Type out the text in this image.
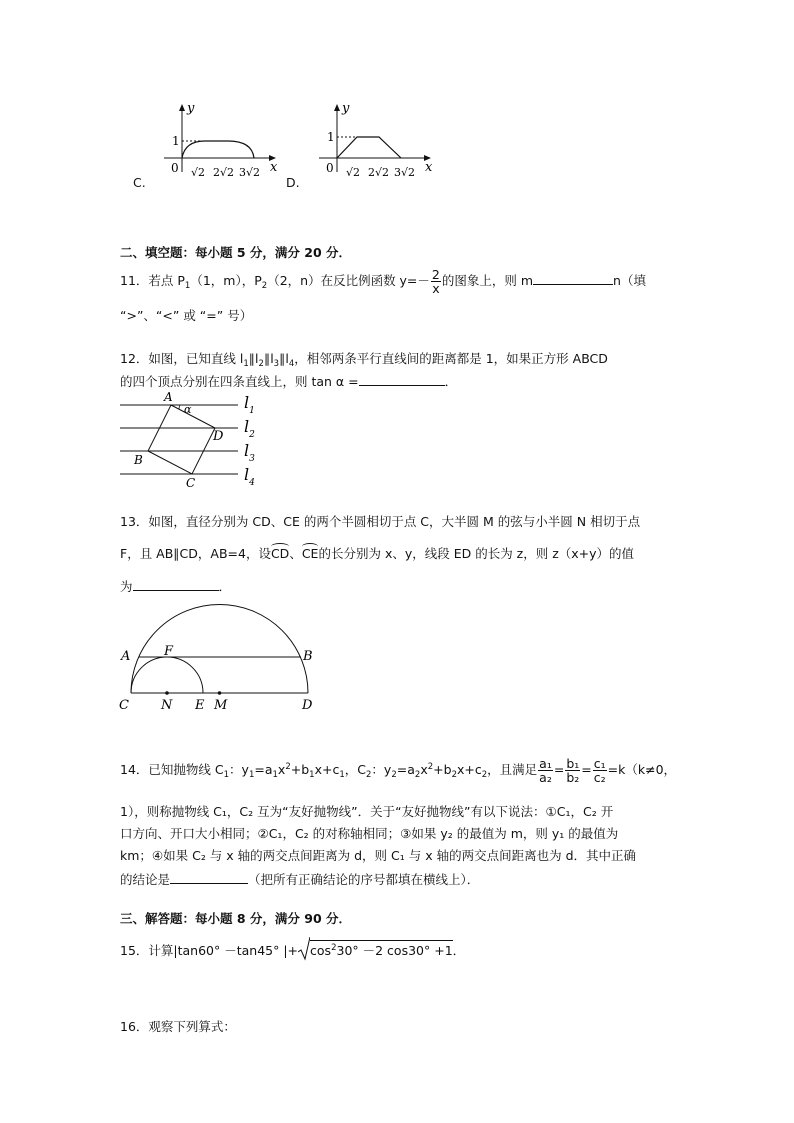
y
x
1
0 √2 2√2 3√2
C.
y
x
1
0 √2 2√2 3√2
D.
二、填空题：每小题 5 分，满分 20 分．
11．若点 $P_1(1$，m），$P_2(2$，n）在反比例函数 $y=- \frac{2}{x}$ 的图象上，则 m	n（填
“>”、“<” 或 “=” 号）
12．如图，已知直线 $l_1\parallel l_2\parallel l_3\parallel l_4$，相邻两条平行直线间的距离都是 1，如果正方形 ABCD
的四个顶点分别在四条直线上，则 tan α =	．
A
α
D
B
C
$l_1$
$l_2$
$l_3$
$l_4$
13．如图，直径分别为 CD、CE 的两个半圆相切于点 C，大半圆 M 的弦与小半圆 N 相切于点
F，且 AB∥CD，AB=4，设CD、CE的长分别为 x、y，线段 ED 的长为 z，则 z（x+y）的值
为	．
A	F	B
C N E M	D
14．已知抛物线 $C_1$：$y_1=a_1x^2+b_1x+c_1$，$C_2$：$y_2=a_2x^2+b_2x+c_2$，且满足 $\frac{\text{a₁}}{\text{a₂}} = \frac{\text{b₁}}{\text{b₂}} = \frac{\text{c₁}}{\text{c₂}} =k(k\ne 0$，
1），则称抛物线 C₁，C₂ 互为“友好抛物线”．关于“友好抛物线”有以下说法：①C₁，C₂ 开
口方向、开口大小相同；②C₁，C₂ 的对称轴相同；③如果 y₂ 的最值为 m，则 y₁ 的最值为
km；④如果 C₂ 与 x 轴的两交点间距离为 d，则 C₁ 与 x 轴的两交点间距离也为 d．其中正确
的结论是	（把所有正确结论的序号都填在横线上）．
三、解答题：每小题 8 分，满分 90 分．
15．计算|tan60° －tan45° |+ $\cos^230^\circ -2$ cos30° +1．
16．观察下列算式：
